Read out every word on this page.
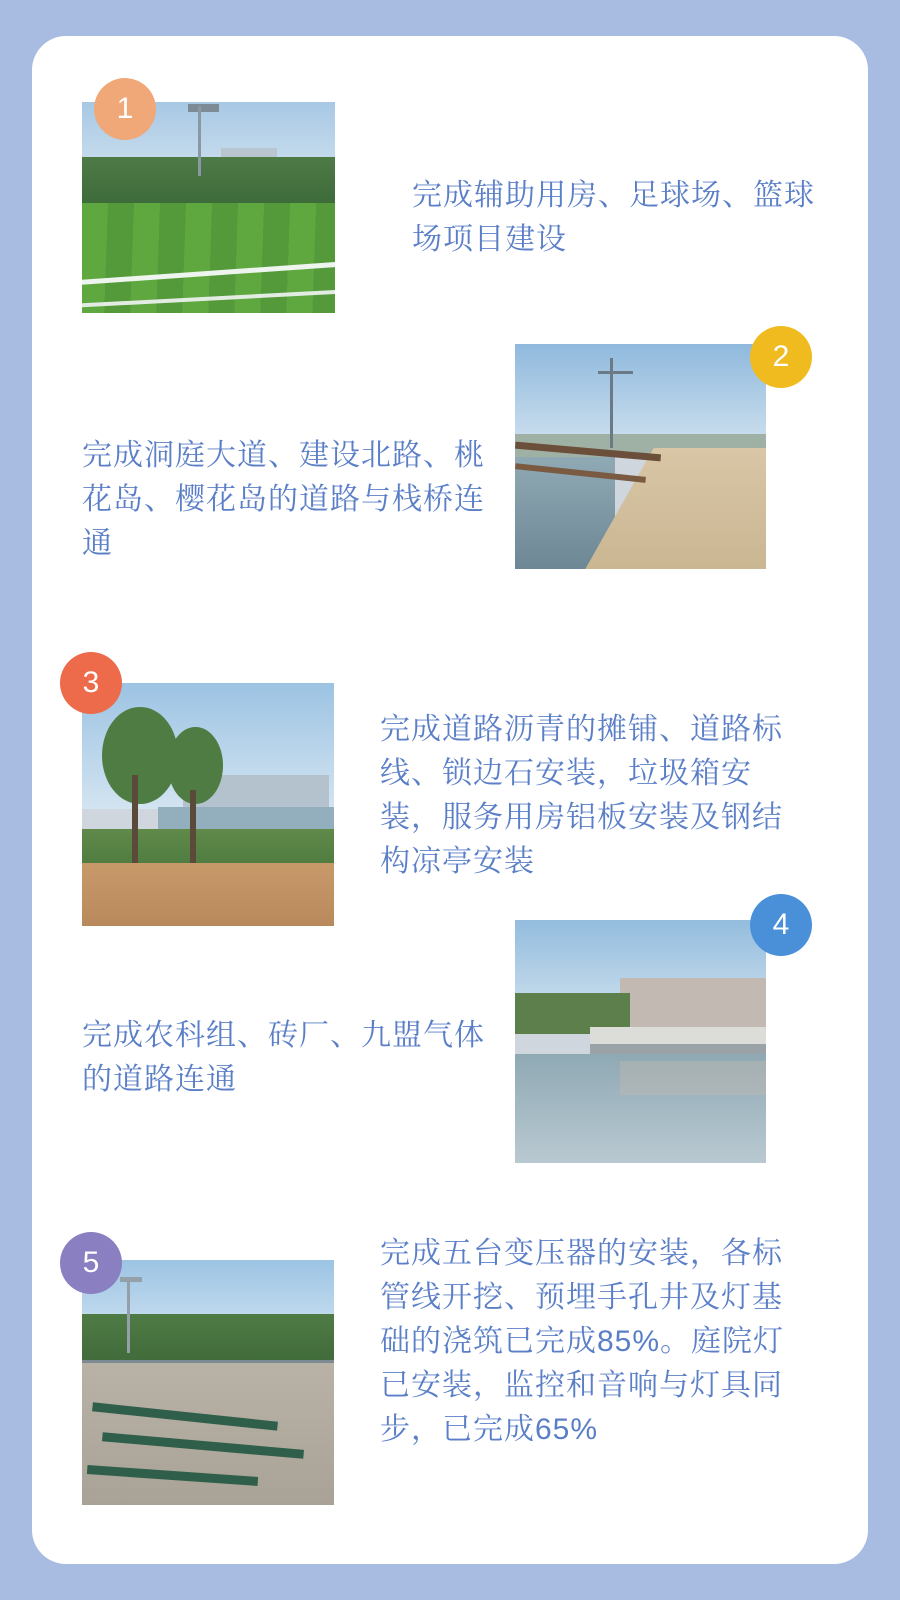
1
完成辅助用房、足球场、篮球场项目建设
2
完成洞庭大道、建设北路、桃花岛、樱花岛的道路与栈桥连通
3
完成道路沥青的摊铺、道路标线、锁边石安装，垃圾箱安装，服务用房铝板安装及钢结构凉亭安装
4
完成农科组、砖厂、九盟气体的道路连通
5	完成五台变压器的安装，各标管线开挖、预埋手孔井及灯基础的浇筑已完成85%。庭院灯已安装，监控和音响与灯具同步，已完成65%
